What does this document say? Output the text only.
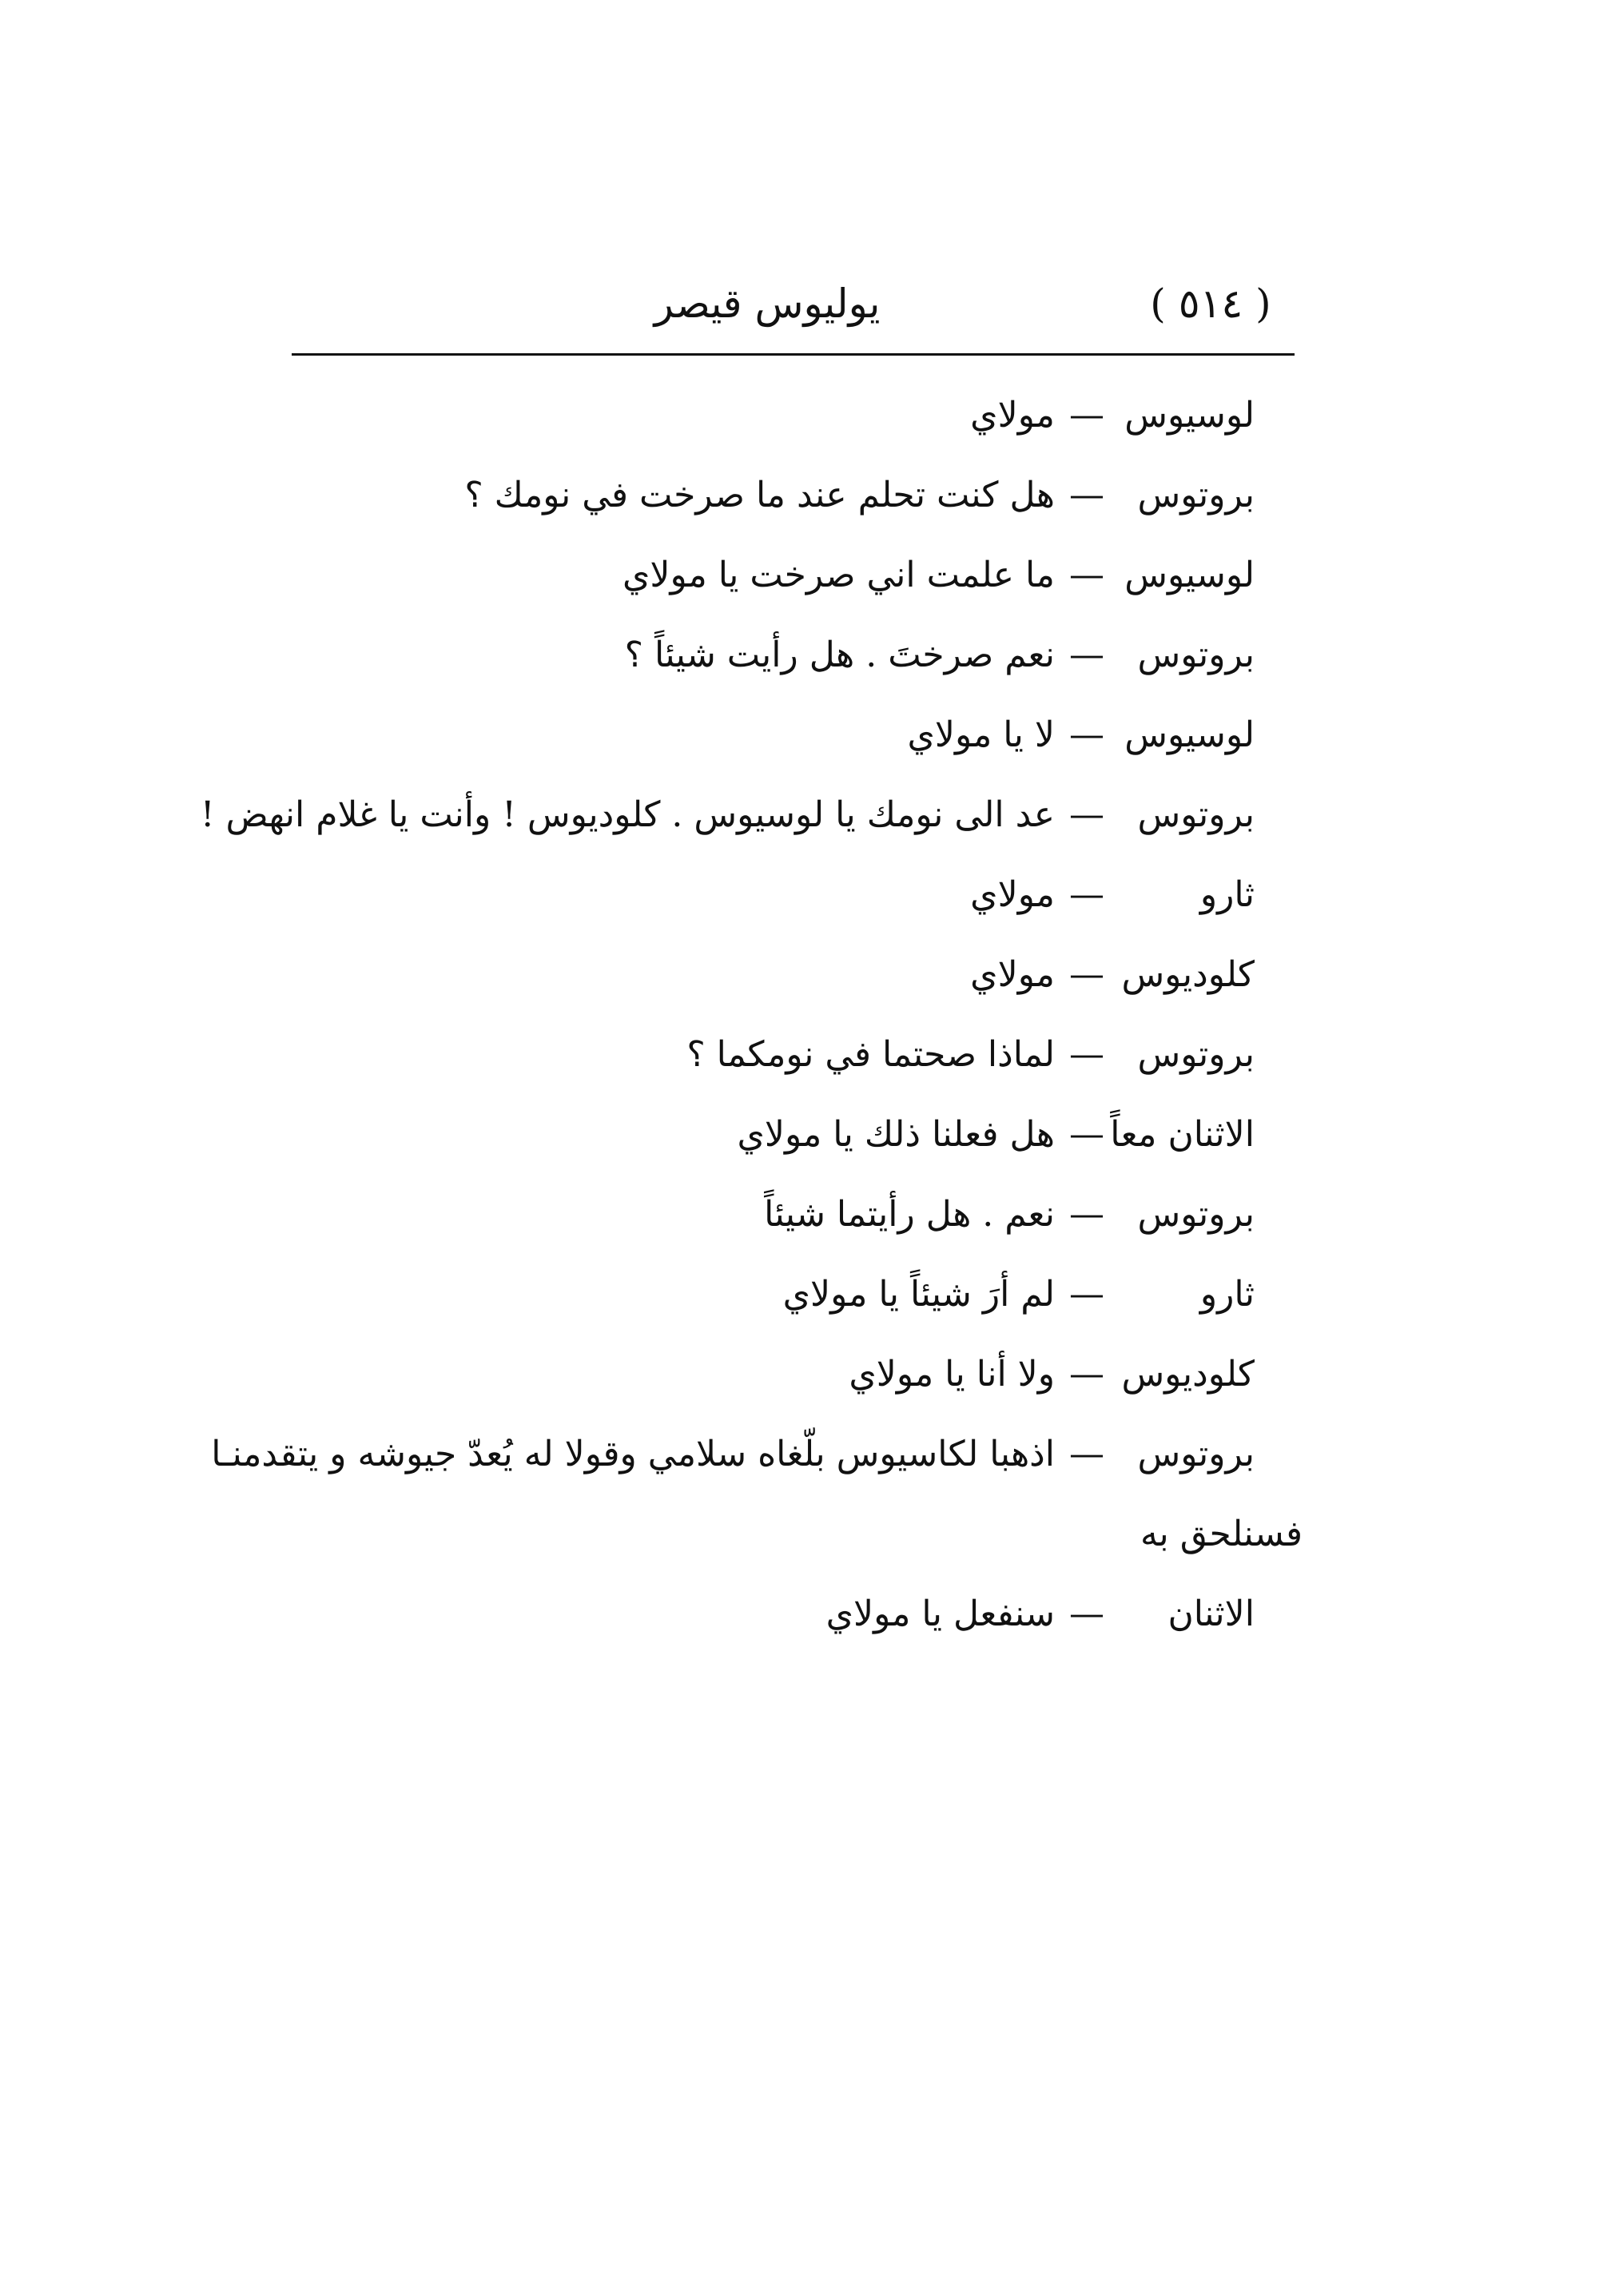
يوليوس قيصر	( ٥١٤ )
لوسيوس—مولاي
بروتوس—هل كنت تحلم عند ما صرخت في نومك ؟
لوسيوس—ما علمت اني صرخت يا مولاي
بروتوس—نعم صرختَ . هل رأيت شيئاً ؟
لوسيوس—لا يا مولاي
بروتوس—عد الى نومك يا لوسيوس . كلوديوس ! وأنت يا غلام انهض !
ثارو—مولاي
كلوديوس—مولاي
بروتوس—لماذا صحتما في نومكما ؟
الاثنان معاً—هل فعلنا ذلك يا مولاي
بروتوس—نعم . هل رأيتما شيئاً
ثارو—لم أرَ شيئاً يا مولاي
كلوديوس—ولا أنا يا مولاي
بروتوس—اذهبا لكاسيوس بلّغاه سلامي وقولا له يُعدّ جيوشه و يتقدمنـا
فسنلحق به
الاثنان—سنفعل يا مولاي
